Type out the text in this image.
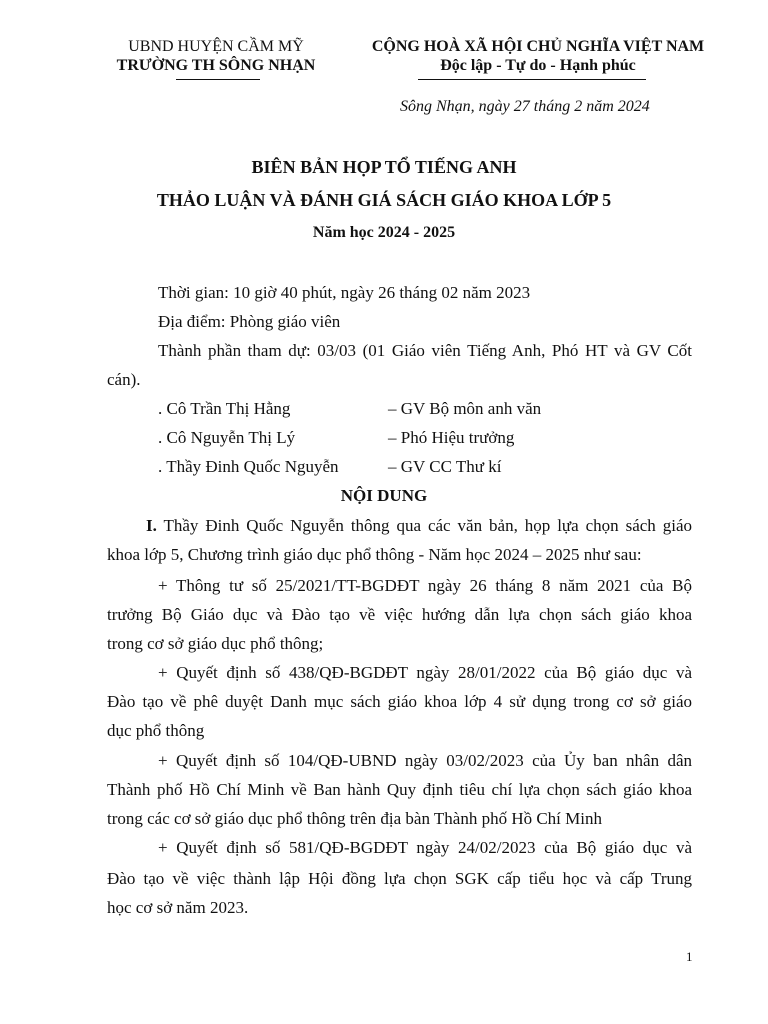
UBND HUYỆN CẦM MỸ
TRƯỜNG TH SÔNG NHẠN
CỘNG HOÀ XÃ HỘI CHỦ NGHĨA VIỆT NAM
Độc lập - Tự do - Hạnh phúc
Sông Nhạn, ngày 27 tháng 2 năm 2024
BIÊN BẢN HỌP TỔ TIẾNG ANH
THẢO LUẬN VÀ ĐÁNH GIÁ SÁCH GIÁO KHOA LỚP 5
Năm học 2024 - 2025
Thời gian: 10 giờ 40 phút, ngày 26 tháng 02 năm 2023
Địa điểm: Phòng giáo viên
Thành phần tham dự: 03/03 (01 Giáo viên Tiếng Anh, Phó HT và GV Cốt
cán).
. Cô Trần Thị Hằng	– GV Bộ môn anh văn
. Cô Nguyễn Thị Lý	– Phó Hiệu trưởng
. Thầy Đinh Quốc Nguyễn	– GV CC Thư kí
NỘI DUNG
I. Thầy Đinh Quốc Nguyễn thông qua các văn bản, họp lựa chọn sách giáo
khoa lớp 5, Chương trình giáo dục phổ thông - Năm học 2024 – 2025 như sau:
+ Thông tư số 25/2021/TT-BGDĐT ngày 26 tháng 8 năm 2021 của Bộ
trưởng Bộ Giáo dục và Đào tạo về việc hướng dẫn lựa chọn sách giáo khoa
trong cơ sở giáo dục phổ thông;
+ Quyết định số 438/QĐ-BGDĐT ngày 28/01/2022 của Bộ giáo dục và
Đào tạo về phê duyệt Danh mục sách giáo khoa lớp 4 sử dụng trong cơ sở giáo
dục phổ thông
+ Quyết định số 104/QĐ-UBND ngày 03/02/2023 của Ủy ban nhân dân
Thành phố Hồ Chí Minh về Ban hành Quy định tiêu chí lựa chọn sách giáo khoa
trong các cơ sở giáo dục phổ thông trên địa bàn Thành phố Hồ Chí Minh
+ Quyết định số 581/QĐ-BGDĐT ngày 24/02/2023 của Bộ giáo dục và
Đào tạo về việc thành lập Hội đồng lựa chọn SGK cấp tiểu học và cấp Trung
học cơ sở năm 2023.
1
